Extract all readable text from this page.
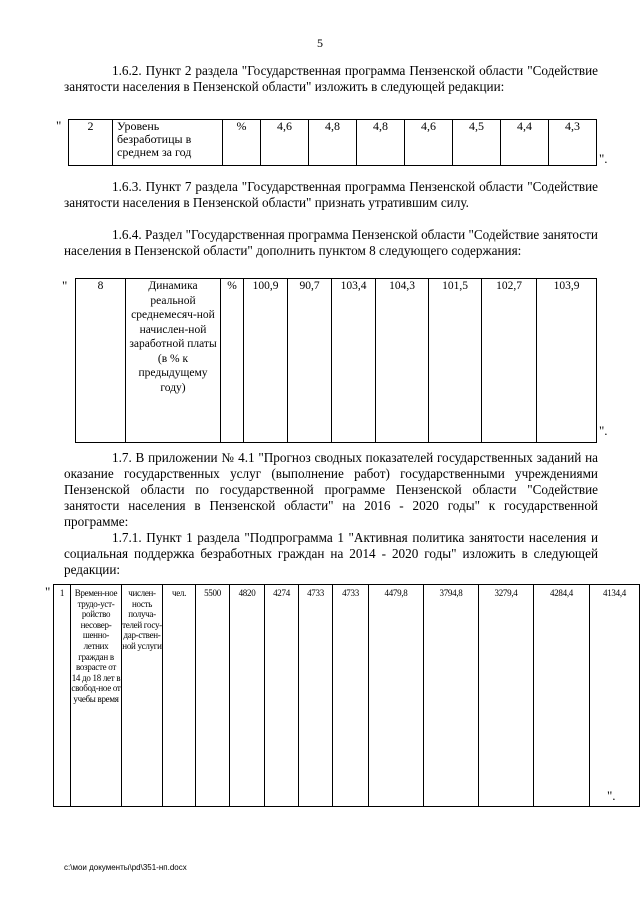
5
1.6.2. Пункт 2 раздела "Государственная программа Пензенской области "Содействие занятости населения в Пензенской области" изложить в следующей редакции:
" 2	Уровень безработицы в среднем за год	%	4,6	4,8	4,8	4,6	4,5	4,4	4,3
".
1.6.3. Пункт 7 раздела "Государственная программа Пензенской области "Содействие занятости населения в Пензенской области" признать утратившим силу.
1.6.4. Раздел "Государственная программа Пензенской области "Содействие занятости населения в Пензенской области" дополнить пунктом 8 следующего содержания:
"	8	Динамика реальной среднемесяч-ной начислен-ной заработной платы (в % к предыдущему году)	%	100,9	90,7	103,4	104,3	101,5	102,7	103,9
".
1.7. В приложении № 4.1 "Прогноз сводных показателей государственных заданий на оказание государственных услуг (выполнение работ) государственными учреждениями Пензенской области по государственной программе Пензенской области "Содействие занятости населения в Пензенской области" на 2016 - 2020 годы" к государственной программе:
1.7.1. Пункт 1 раздела "Подпрограмма 1 "Активная политика занятости населения и социальная поддержка безработных граждан на 2014 - 2020 годы" изложить в следующей редакции:
" 1	Времен-ное трудо-уст-ройство несовер-шенно-летних граждан в возрасте от 14 до 18 лет в свобод-ное от учебы время	числен-ность получа-телей госу-дар-ствен-ной услуги	чел.	5500	4820	4274	4733	4733	4479,8	3794,8	3279,4	4284,4	4134,4
".
c:\мои документы\pd\351-нп.docx
